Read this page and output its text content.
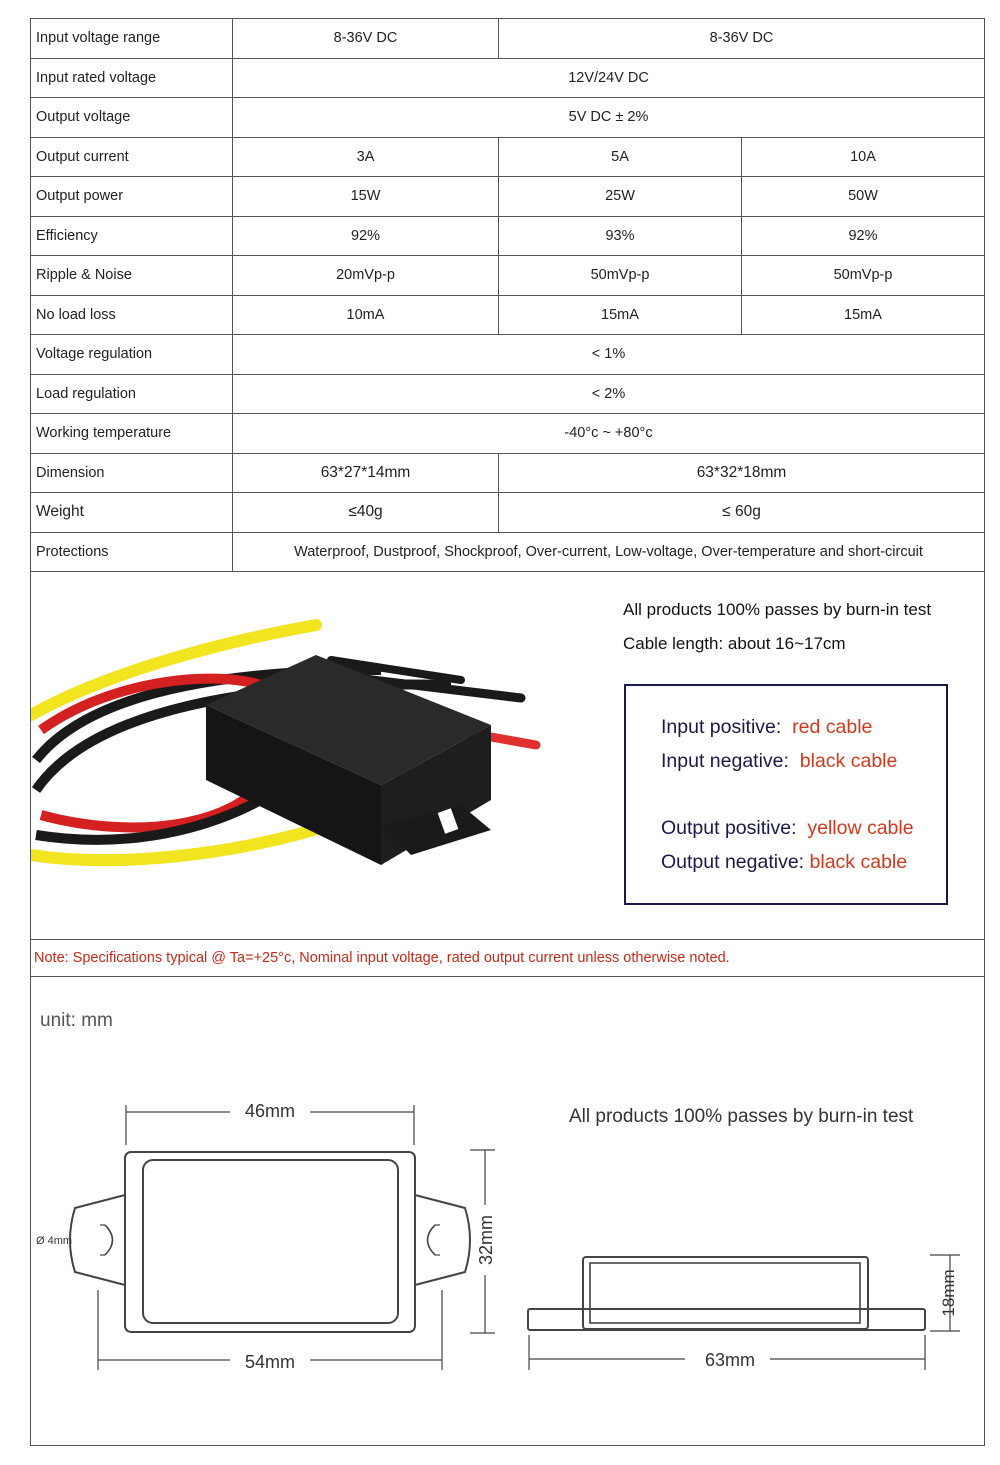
Input voltage range	8-36V DC	8-36V DC	
Input rated voltage	12V/24V DC		
Output voltage	5V DC ± 2%		
Output current	3A	5A	10A
Output power	15W	25W	50W
Efficiency	92%	93%	92%
Ripple & Noise	20mVp-p	50mVp-p	50mVp-p
No load loss	10mA	15mA	15mA
Voltage regulation	< 1%		
Load regulation	< 2%		
Working temperature	-40°c ~ +80°c		
Dimension	63*27*14mm	63*32*18mm	
Weight	≤40g	≤ 60g	
Protections	Waterproof, Dustproof, Shockproof, Over-current, Low-voltage, Over-temperature and short-circuit		
All products 100% passes by burn-in test
Cable length: about 16~17cm
Input positive: red cable
Input negative: black cable
Output positive: yellow cable
Output negative: black cable
Note: Specifications typical @ Ta=+25°c, Nominal input voltage, rated output current unless otherwise noted.
unit: mm
All products 100% passes by burn-in test
46mm
54mm
Ø 4mm	32mm
63mm
18mm
